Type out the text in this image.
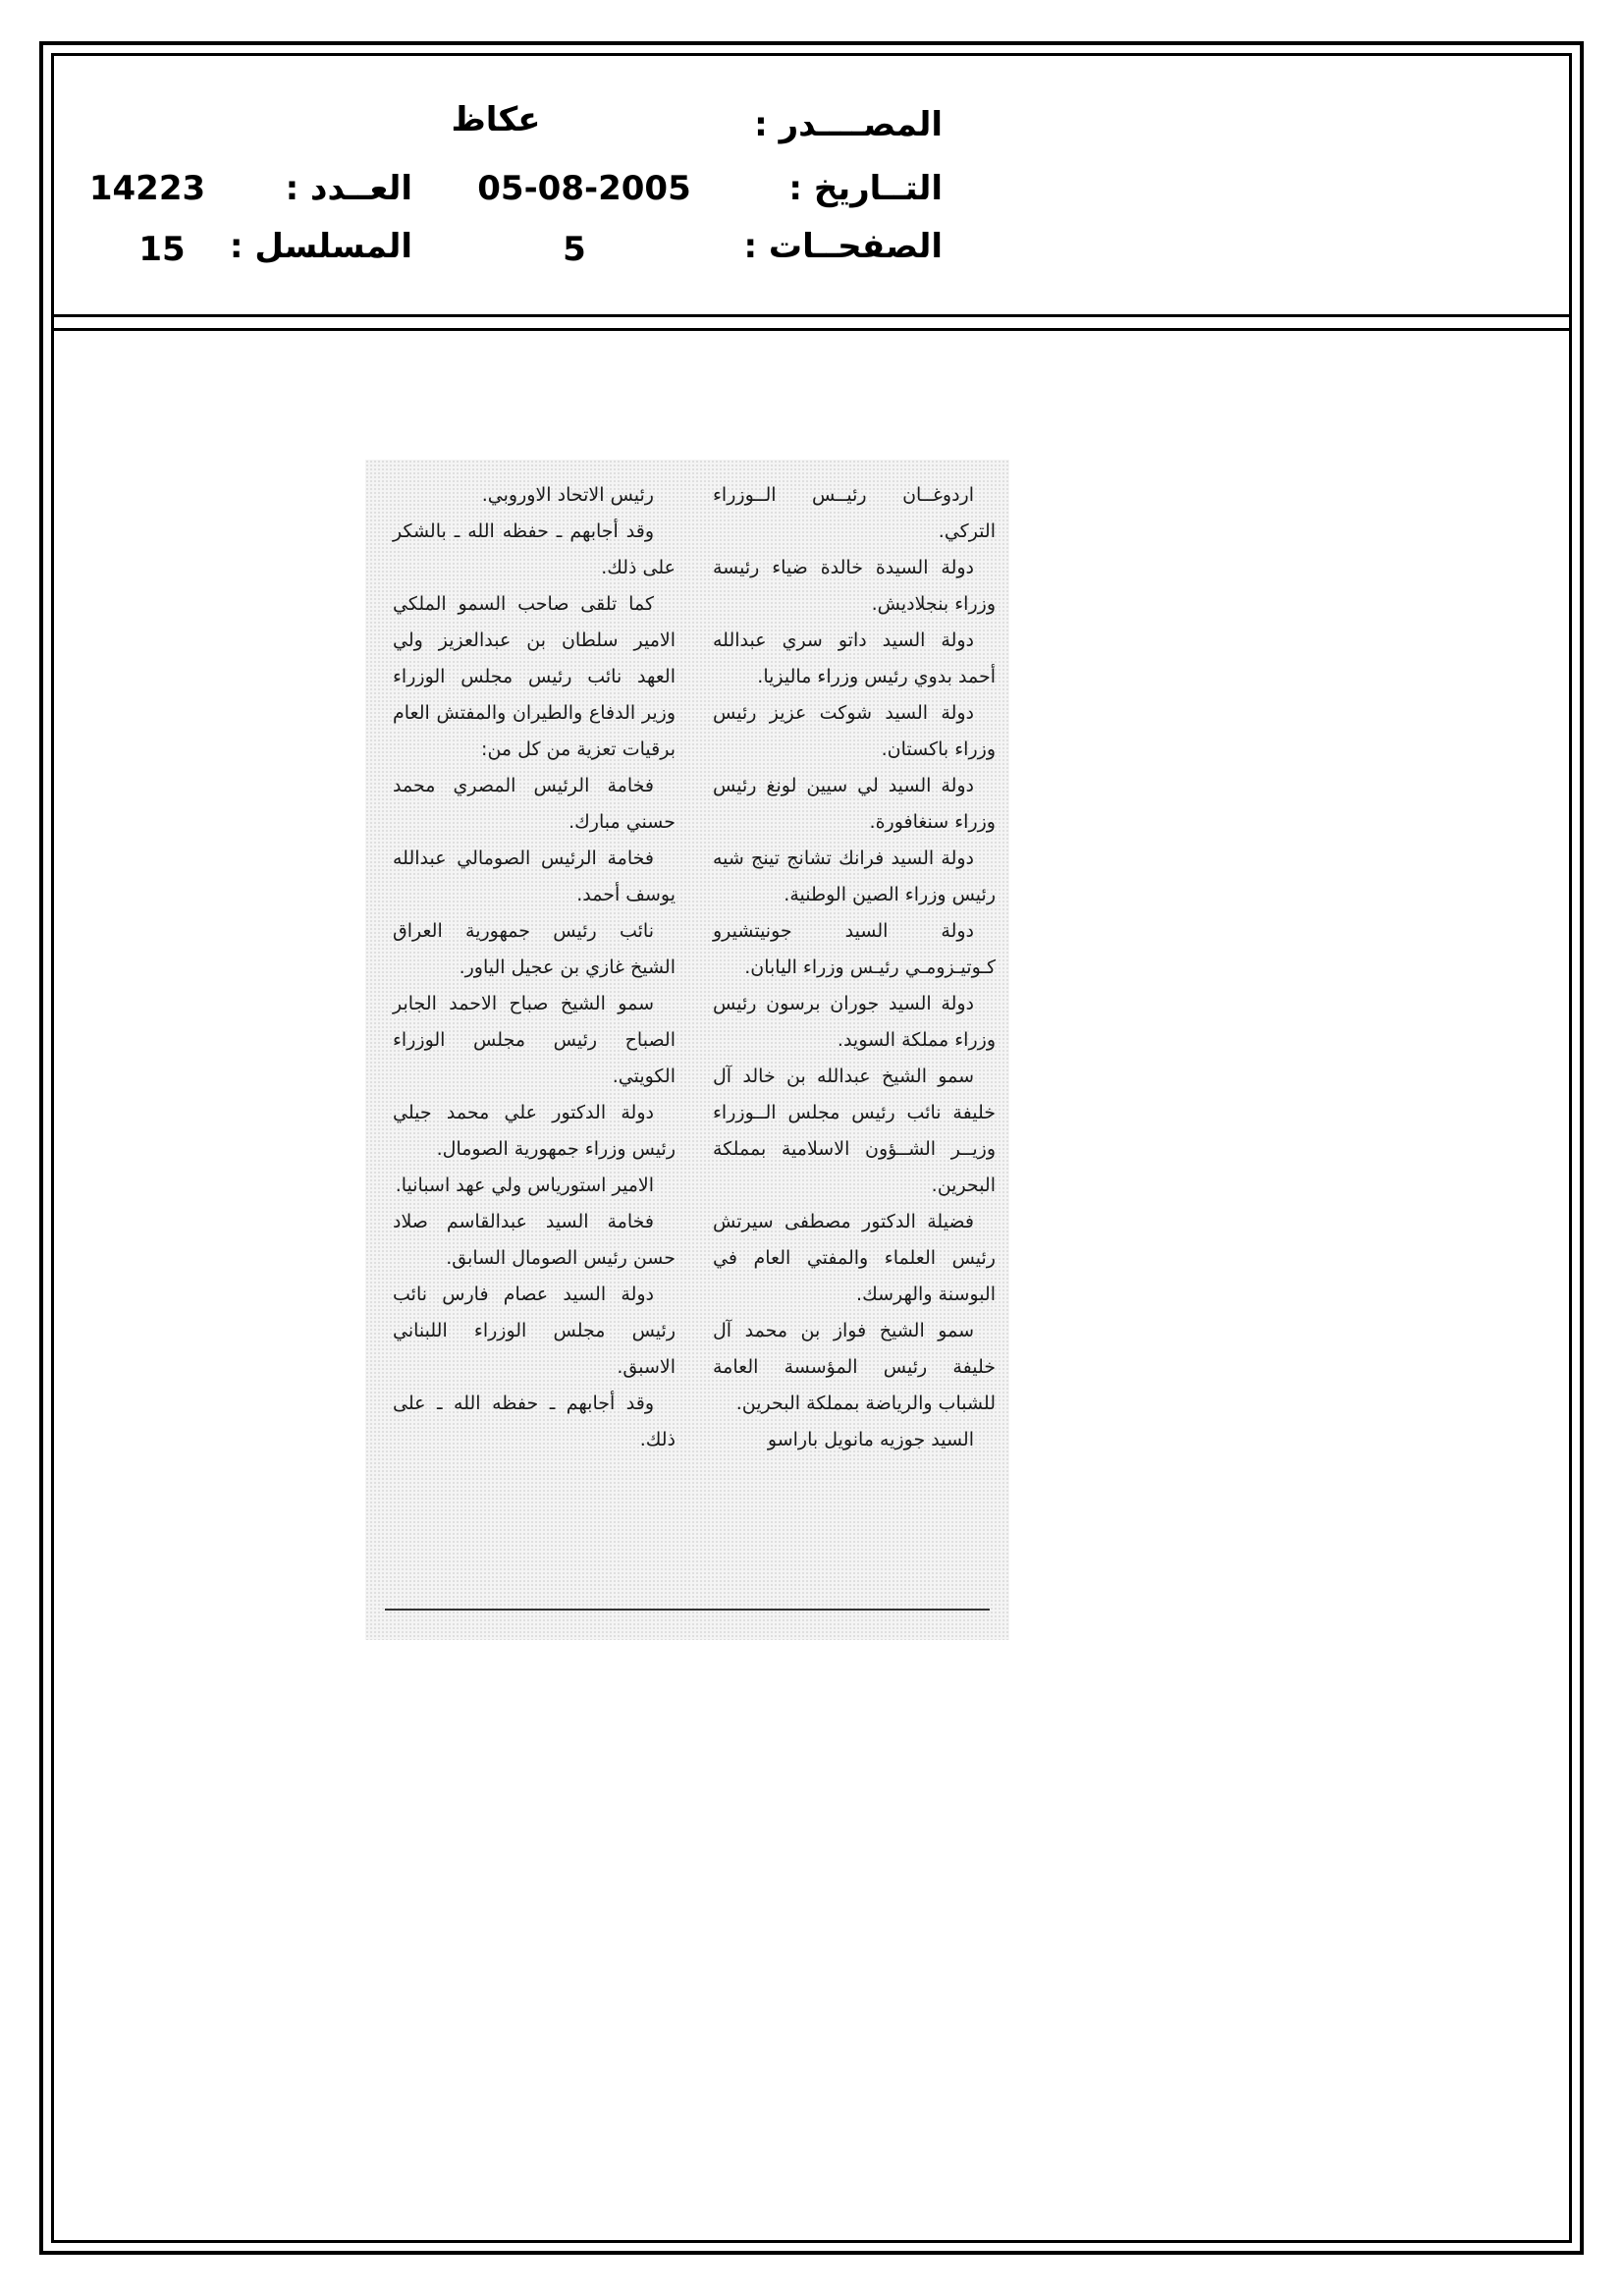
المصــــدر :
عكاظ
التــاريخ :
05-08-2005
العــدد :
14223
الصفحــات :
5
المسلسل :
15

اردوغــان رئيــس الــوزراء التركي.

دولة السيدة خالدة ضياء رئيسة وزراء بنجلاديش.

دولة السيد داتو سري عبدالله أحمد بدوي رئيس وزراء ماليزيا.

دولة السيد شوكت عزيز رئيس وزراء باكستان.

دولة السيد لي سيين لونغ رئيس وزراء سنغافورة.

دولة السيد فرانك تشانج تينج شيه رئيس وزراء الصين الوطنية.

دولة السيد جونيتشيرو كـوتيـزومـي رئيـس وزراء اليابان.

دولة السيد جوران برسون رئيس وزراء مملكة السويد.

سمو الشيخ عبدالله بن خالد آل خليفة نائب رئيس مجلس الــوزراء وزيــر الشــؤون الاسلامية بمملكة البحرين.

فضيلة الدكتور مصطفى سيرتش رئيس العلماء والمفتي العام في البوسنة والهرسك.

سمو الشيخ فواز بن محمد آل خليفة رئيس المؤسسة العامة للشباب والرياضة بمملكة البحرين.

السيد جوزيه مانويل باراسو

رئيس الاتحاد الاوروبي.

وقد أجابهم ـ حفظه الله ـ بالشكر على ذلك.

كما تلقى صاحب السمو الملكي الامير سلطان بن عبدالعزيز ولي العهد نائب رئيس مجلس الوزراء وزير الدفاع والطيران والمفتش العام برقيات تعزية من كل من:

فخامة الرئيس المصري محمد حسني مبارك.

فخامة الرئيس الصومالي عبدالله يوسف أحمد.

نائب رئيس جمهورية العراق الشيخ غازي بن عجيل الياور.

سمو الشيخ صباح الاحمد الجابر الصباح رئيس مجلس الوزراء الكويتي.

دولة الدكتور علي محمد جيلي رئيس وزراء جمهورية الصومال.

الامير استورياس ولي عهد اسبانيا.

فخامة السيد عبدالقاسم صلاد حسن رئيس الصومال السابق.

دولة السيد عصام فارس نائب رئيس مجلس الوزراء اللبناني الاسبق.

وقد أجابهم ـ حفظه الله ـ على ذلك.
